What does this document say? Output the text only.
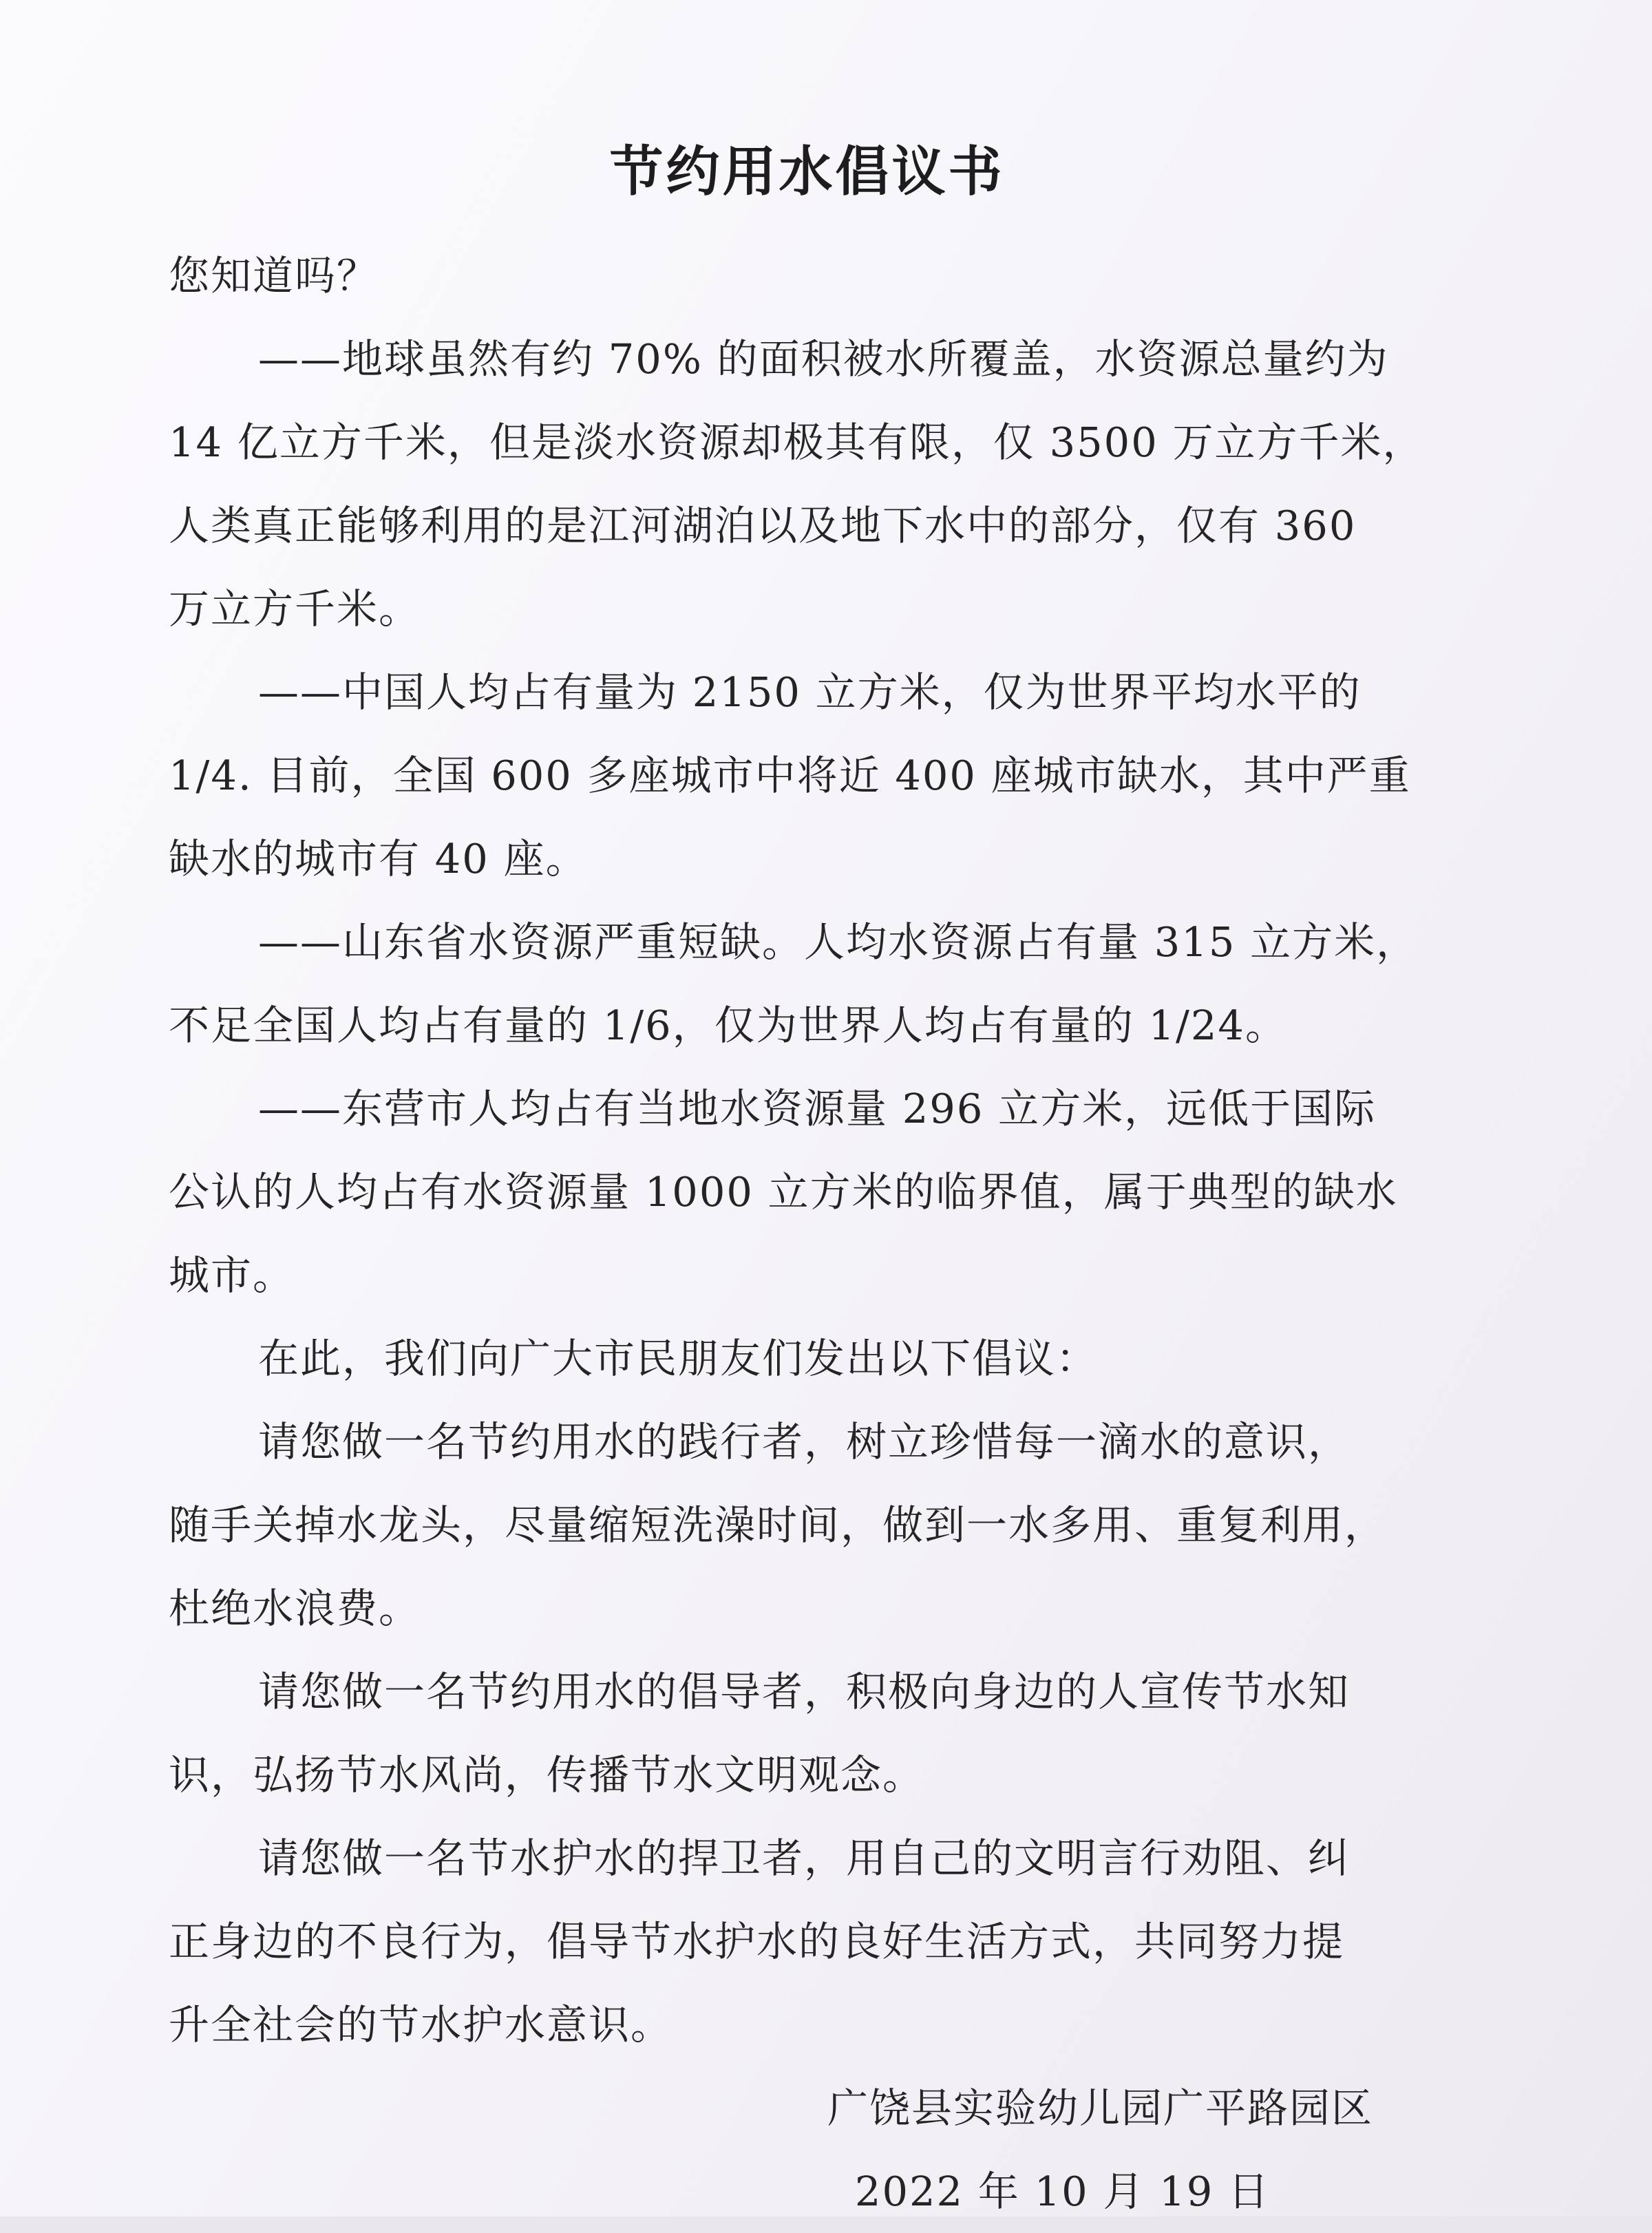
节约用水倡议书
您知道吗？
——地球虽然有约 70% 的面积被水所覆盖，水资源总量约为
14 亿立方千米，但是淡水资源却极其有限，仅 3500 万立方千米，
人类真正能够利用的是江河湖泊以及地下水中的部分，仅有 360
万立方千米。
——中国人均占有量为 2150 立方米，仅为世界平均水平的
1/4. 目前，全国 600 多座城市中将近 400 座城市缺水，其中严重
缺水的城市有 40 座。
——山东省水资源严重短缺。人均水资源占有量 315 立方米，
不足全国人均占有量的 1/6，仅为世界人均占有量的 1/24。
——东营市人均占有当地水资源量 296 立方米，远低于国际
公认的人均占有水资源量 1000 立方米的临界值，属于典型的缺水
城市。
在此，我们向广大市民朋友们发出以下倡议：
请您做一名节约用水的践行者，树立珍惜每一滴水的意识，
随手关掉水龙头，尽量缩短洗澡时间，做到一水多用、重复利用，
杜绝水浪费。
请您做一名节约用水的倡导者，积极向身边的人宣传节水知
识，弘扬节水风尚，传播节水文明观念。
请您做一名节水护水的捍卫者，用自己的文明言行劝阻、纠
正身边的不良行为，倡导节水护水的良好生活方式，共同努力提
升全社会的节水护水意识。
广饶县实验幼儿园广平路园区
2022 年 10 月 19 日
